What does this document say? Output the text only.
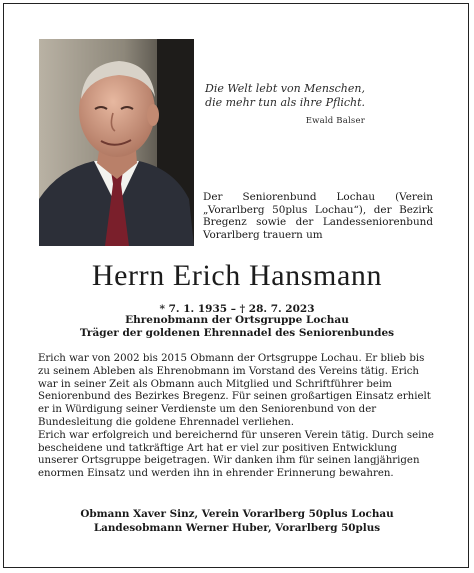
Die Welt lebt von Menschen,
die mehr tun als ihre Pflicht.
Ewald Balser
Der Seniorenbund Lochau (Verein „Vorarlberg 50plus Lochau“), der Bezirk Bregenz sowie der Landesseniorenbund Vorarlberg trauern um
Herrn Erich Hansmann
* 7. 1. 1935 – † 28. 7. 2023
Ehrenobmann der Ortsgruppe Lochau
Träger der goldenen Ehrennadel des Seniorenbundes

Erich war von 2002 bis 2015 Obmann der Ortsgruppe Lochau. Er blieb bis zu seinem Ableben als Ehrenobmann im Vorstand des Vereins tätig. Erich war in seiner Zeit als Obmann auch Mitglied und Schriftführer beim Seniorenbund des Bezirkes Bregenz. Für seinen großartigen Einsatz erhielt er in Würdigung seiner Verdienste um den Seniorenbund von der Bundesleitung die goldene Ehrennadel verliehen.

Erich war erfolgreich und bereichernd für unseren Verein tätig. Durch seine bescheidene und tatkräftige Art hat er viel zur positiven Entwicklung unserer Ortsgruppe beigetragen. Wir danken ihm für seinen langjährigen enormen Einsatz und werden ihn in ehrender Erinnerung bewahren.

Obmann Xaver Sinz, Verein Vorarlberg 50plus Lochau
Landesobmann Werner Huber, Vorarlberg 50plus
